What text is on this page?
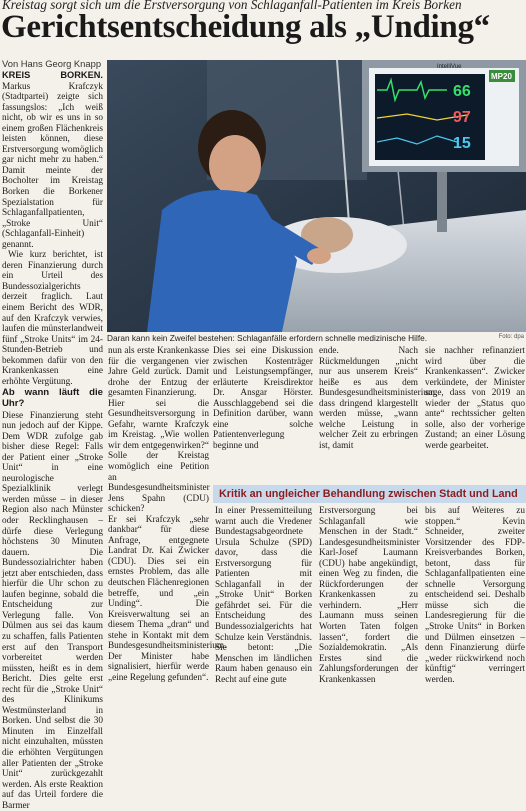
Kreistag sorgt sich um die Erstversorgung von Schlaganfall-Patienten im Kreis Borken
Gerichtsentscheidung als „Unding“
Von Hans Georg Knapp

KREIS BORKEN. Markus Krafczyk (Stadtpartei) zeigte sich fassungslos: „Ich weiß nicht, ob wir es uns in so einem großen Flächenkreis leisten können, diese Erstversorgung womöglich gar nicht mehr zu haben.“ Damit meinte der Bocholter im Kreistag Borken die Borkener Spezialstation für Schlaganfallpatienten, „Stroke Unit“ (Schlaganfall-Einheit) genannt.

Wie kurz berichtet, ist deren Finanzierung durch ein Urteil des Bundessozialgerichts derzeit fraglich. Laut einem Bericht des WDR, auf den Krafczyk verwies, laufen die münsterlandweit fünf „Stroke Units“ im 24-Stunden-Betrieb und bekommen dafür von den Krankenkassen eine erhöhte Vergütung.

Ab wann läuft die Uhr?

Diese Finanzierung steht nun jedoch auf der Kippe. Dem WDR zufolge gab bisher diese Regel: Falls der Patient einer „Stroke Unit“ in eine neurologische Spezialklinik verlegt werden müsse – in dieser Region also nach Münster oder Recklinghausen – dürfe diese Verlegung höchstens 30 Minuten dauern. Die Bundessozialrichter haben jetzt aber entschieden, dass hierfür die Uhr schon zu laufen beginne, sobald die Entscheidung zur Verlegung falle. Von Dülmen aus sei das kaum zu schaffen, falls Patienten erst auf den Transport vorbereitet werden müssten, heißt es in dem Bericht. Dies gelte erst recht für die „Stroke Unit“ des Klinikums Westmünsterland in Borken. Und selbst die 30 Minuten im Einzelfall nicht einzuhalten, müssten die erhöhten Vergütungen aller Patienten der „Stroke Unit“ zurückgezahlt werden. Als erste Reaktion auf das Urteil fordere die Barmer

66
97
15
IntelliVue
MP20
Daran kann kein Zweifel bestehen: Schlaganfälle erfordern schnelle medizinische Hilfe.	Foto: dpa

nun als erste Krankenkasse für die vergangenen vier Jahre Geld zurück. Damit drohe der Entzug der gesamten Finanzierung.
Hier sei die Gesundheitsversorgung in Gefahr, warnte Krafczyk im Kreistag. „Wie wollen wir dem entgegenwirken?“ Solle der Kreistag womöglich eine Petition an Bundesgesundheitsminister Jens Spahn (CDU) schicken?
Er sei Krafczyk „sehr dankbar“ für diese Anfrage, entgegnete Landrat Dr. Kai Zwicker (CDU). Dies sei ein ernstes Problem, das alle deutschen Flächenregionen betreffe, und „ein Unding“. Die Kreisverwaltung sei an diesem Thema „dran“ und stehe in Kontakt mit dem Bundesgesundheitsministerium. Der Minister habe signalisiert, hierfür werde „eine Regelung gefunden“.

Dies sei eine Diskussion zwischen Kostenträger und Leistungsempfänger, erläuterte Kreisdirektor Dr. Ansgar Hörster. Ausschlaggebend sei die Definition darüber, wann eine solche Patientenverlegung beginne und

ende. Nach Rückmeldungen „nicht nur aus unserem Kreis“ heiße es aus dem Bundesgesundheitsministerium, dass dringend klargestellt werden müsse, „wann welche Leistung in welcher Zeit zu erbringen ist, damit

sie nachher refinanziert wird über die Krankenkassen“. Zwicker verkündete, der Minister sage, dass von 2019 an wieder der „Status quo ante“ rechtssicher gelten solle, also der vorherige Zustand; an einer Lösung werde gearbeitet.

Kritik an ungleicher Behandlung zwischen Stadt und Land

In einer Pressemitteilung warnt auch die Vredener Bundestagsabgeordnete Ursula Schulze (SPD) davor, dass die Erstversorgung für Patienten mit Schlaganfall in der „Stroke Unit“ Borken gefährdet sei. Für die Entscheidung des Bundessozialgerichts hat Schulze kein Verständnis. Sie betont: „Die Menschen im ländlichen Raum haben genauso ein Recht auf eine gute

Erstversorgung bei Schlaganfall wie Menschen in der Stadt.“ Landesgesundheitsminister Karl-Josef Laumann (CDU) habe angekündigt, einen Weg zu finden, die Rückforderungen der Krankenkassen zu verhindern. „Herr Laumann muss seinen Worten Taten folgen lassen“, fordert die Sozialdemokratin. „Als Erstes sind die Zahlungsforderungen der Krankenkassen

bis auf Weiteres zu stoppen.“ Kevin Schneider, zweiter Vorsitzender des FDP-Kreisverbandes Borken, betont, dass für Schlaganfallpatienten eine schnelle Versorgung entscheidend sei. Deshalb müsse sich die Landesregierung für die „Stroke Units“ in Borken und Dülmen einsetzen – denn Finanzierung dürfe „weder rückwirkend noch künftig“ verringert werden.
